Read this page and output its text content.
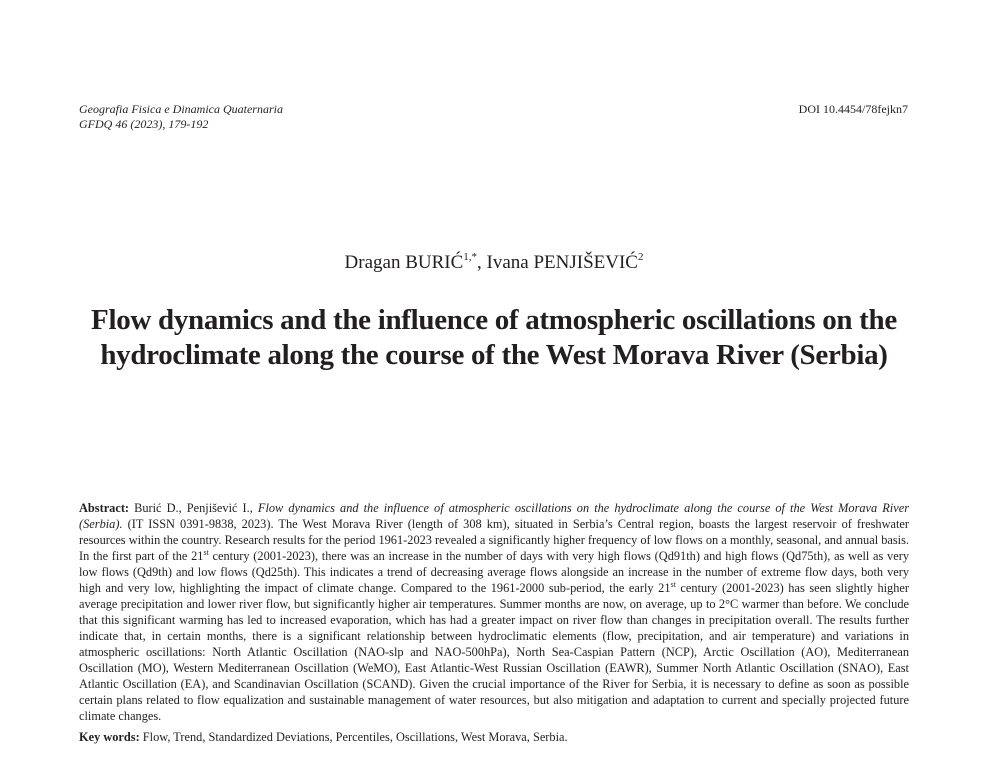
Geografia Fisica e Dinamica Quaternaria
GFDQ 46 (2023), 179-192
DOI 10.4454/78fejkn7
Dragan $BURIĆ^{1,*}$, Ivana PENJIŠEVIĆ$^2$
Flow dynamics and the influence of atmospheric oscillations on the
hydroclimate along the course of the West Morava River (Serbia)
Abstract: Burić D., Penjišević I., Flow dynamics and the influence of atmospheric oscillations on the hydroclimate along the course of the West Morava River (Serbia). (IT ISSN 0391-9838, 2023). The West Morava River (length of 308 km), situated in Serbia’s Central region, boasts the largest reservoir of freshwater resources within the country. Research results for the period 1961-2023 revealed a significantly higher frequency of low flows on a monthly, seasonal, and annual basis. In the first part of the 21st century (2001-2023), there was an increase in the number of days with very high flows (Qd91th) and high flows (Qd75th), as well as very low flows (Qd9th) and low flows (Qd25th). This indicates a trend of decreasing average flows alongside an increase in the number of extreme flow days, both very high and very low, highlighting the impact of climate change. Compared to the 1961-2000 sub-period, the early 21st century (2001-2023) has seen slightly higher average precipitation and lower river flow, but significantly higher air temperatures. Summer months are now, on average, up to 2°C warmer than before. We conclude that this significant warming has led to increased evaporation, which has had a greater impact on river flow than changes in precipitation overall. The results further indicate that, in certain months, there is a significant relationship between hydroclimatic elements (flow, precipitation, and air temperature) and variations in atmospheric oscillations: North Atlantic Oscillation (NAO-slp and NAO-500hPa), North Sea-Caspian Pattern (NCP), Arctic Oscillation (AO), Mediterranean Oscillation (MO), Western Mediterranean Oscillation (WeMO), East Atlantic-West Russian Oscillation (EAWR), Summer North Atlantic Oscillation (SNAO), East Atlantic Oscillation (EA), and Scandinavian Oscillation (SCAND). Given the crucial importance of the River for Serbia, it is necessary to define as soon as possible certain plans related to flow equalization and sustainable management of water resources, but also mitigation and adaptation to current and specially projected future climate changes.
Key words: Flow, Trend, Standardized Deviations, Percentiles, Oscillations, West Morava, Serbia.
